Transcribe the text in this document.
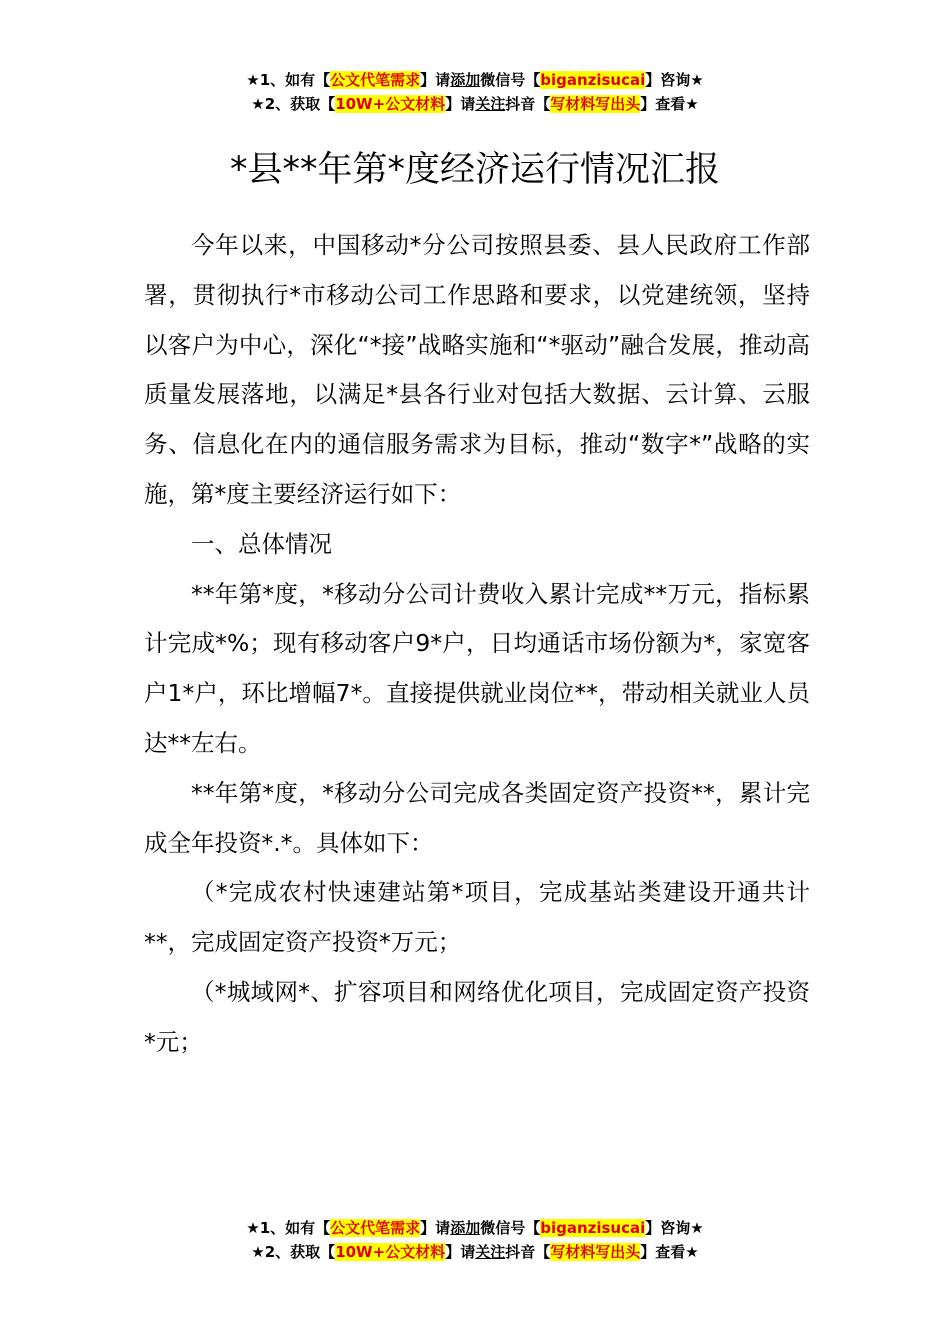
★1、如有【公文代笔需求】请添加微信号【biganzisucai】咨询★
★2、获取【10W+公文材料】请关注抖音【写材料写出头】查看★
*县**年第*度经济运行情况汇报

今年以来，中国移动*分公司按照县委、县人民政府工作部署，贯彻执行*市移动公司工作思路和要求，以党建统领，坚持以客户为中心，深化“*接”战略实施和“*驱动”融合发展，推动高质量发展落地，以满足*县各行业对包括大数据、云计算、云服务、信息化在内的通信服务需求为目标，推动“数字*”战略的实施，第*度主要经济运行如下：

一、总体情况

**年第*度，*移动分公司计费收入累计完成**万元，指标累计完成*%；现有移动客户9*户，日均通话市场份额为*，家宽客户1*户，环比增幅7*。直接提供就业岗位**，带动相关就业人员达**左右。

**年第*度，*移动分公司完成各类固定资产投资**，累计完成全年投资*.*。具体如下：

（*完成农村快速建站第*项目，完成基站类建设开通共计**，完成固定资产投资*万元；

（*城域网*、扩容项目和网络优化项目，完成固定资产投资*元；

★1、如有【公文代笔需求】请添加微信号【biganzisucai】咨询★
★2、获取【10W+公文材料】请关注抖音【写材料写出头】查看★
